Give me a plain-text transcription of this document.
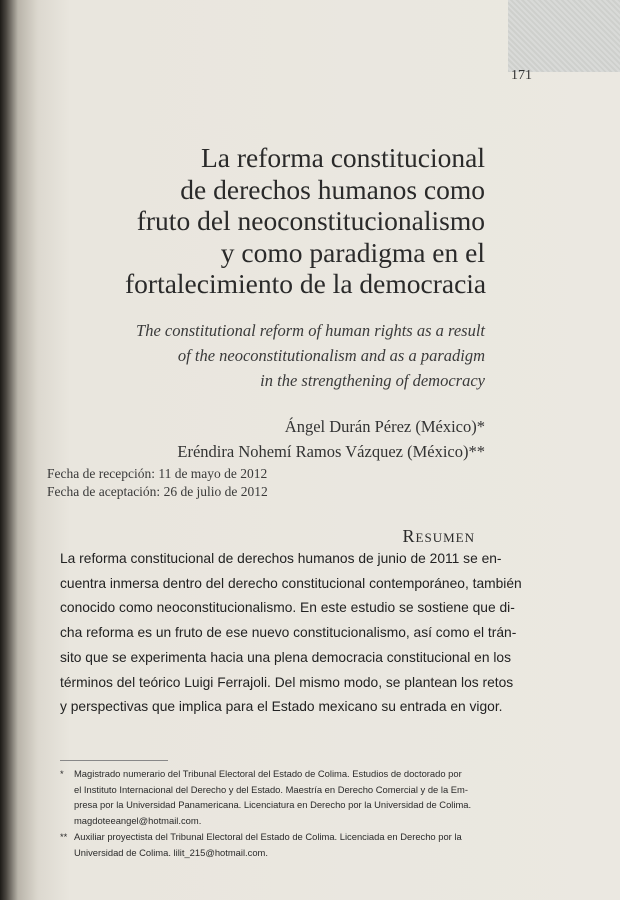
171
La reforma constitucional
de derechos humanos como
fruto del neoconstitucionalismo
y como paradigma en el
fortalecimiento de la democracia
The constitutional reform of human rights as a result
of the neoconstitutionalism and as a paradigm
in the strengthening of democracy
Ángel Durán Pérez (México)*
Eréndira Nohemí Ramos Vázquez (México)**
Fecha de recepción: 11 de mayo de 2012
Fecha de aceptación: 26 de julio de 2012
Resumen
La reforma constitucional de derechos humanos de junio de 2011 se en-
cuentra inmersa dentro del derecho constitucional contemporáneo, también
conocido como neoconstitucionalismo. En este estudio se sostiene que di-
cha reforma es un fruto de ese nuevo constitucionalismo, así como el trán-
sito que se experimenta hacia una plena democracia constitucional en los
términos del teórico Luigi Ferrajoli. Del mismo modo, se plantean los retos
y perspectivas que implica para el Estado mexicano su entrada en vigor.
* Magistrado numerario del Tribunal Electoral del Estado de Colima. Estudios de doctorado por
el Instituto Internacional del Derecho y del Estado. Maestría en Derecho Comercial y de la Em-
presa por la Universidad Panamericana. Licenciatura en Derecho por la Universidad de Colima.
magdoteeangel@hotmail.com.
** Auxiliar proyectista del Tribunal Electoral del Estado de Colima. Licenciada en Derecho por la
Universidad de Colima. lilit_215@hotmail.com.
